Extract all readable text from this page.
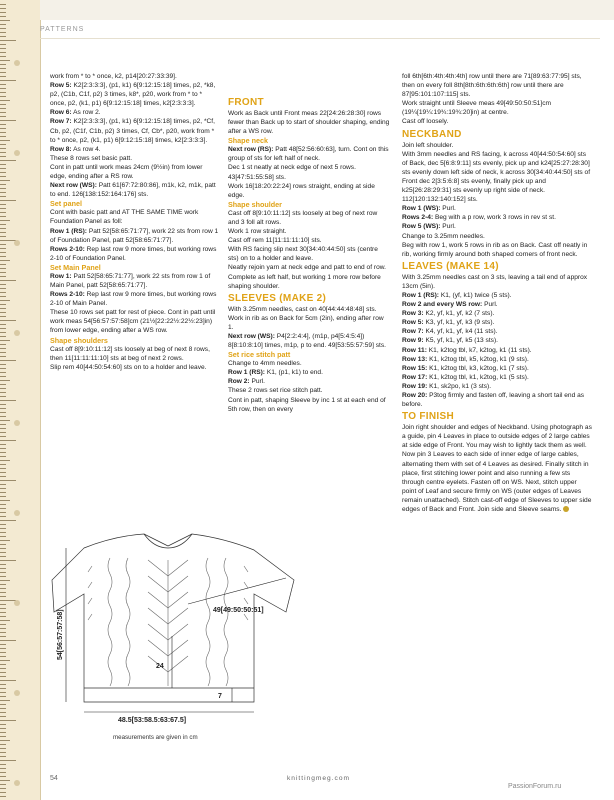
PATTERNS

work from * to * once, k2, p14[20:27:33:39].

Row 5: K2[2:3:3:3], (p1, k1) 6[9:12:15:18] times, p2, *k8, p2, (C1b, C1f, p2) 3 times, k8*, p20, work from * to * once, p2, (k1, p1) 6[9:12:15:18] times, k2[2:3:3:3].

Row 6: As row 2.

Row 7: K2[2:3:3:3], (p1, k1) 6[9:12:15:18] times, p2, *Cf, Cb, p2, (C1f, C1b, p2) 3 times, Cf, Cb*, p20, work from * to * once, p2, (k1, p1) 6[9:12:15:18] times, k2[2:3:3:3].

Row 8: As row 4.

These 8 rows set basic patt.

Cont in patt until work meas 24cm (9½in) from lower edge, ending after a RS row.

Next row (WS): Patt 61[67:72:80:86], m1k, k2, m1k, patt to end. 126[138:152:164:176] sts.

Set panel

Cont with basic patt and AT THE SAME TIME work Foundation Panel as foll:

Row 1 (RS): Patt 52[58:65:71:77], work 22 sts from row 1 of Foundation Panel, patt 52[58:65:71:77].

Rows 2-10: Rep last row 9 more times, but working rows 2-10 of Foundation Panel.

Set Main Panel

Row 1: Patt 52[58:65:71:77], work 22 sts from row 1 of Main Panel, patt 52[58:65:71:77].

Rows 2-10: Rep last row 9 more times, but working rows 2-10 of Main Panel.

These 10 rows set patt for rest of piece. Cont in patt until work meas 54[56:57:57:58]cm (21½[22:22½:22½:23]in) from lower edge, ending after a WS row.

Shape shoulders

Cast off 8[9:10:11:12] sts loosely at beg of next 8 rows, then 11[11:11:11:10] sts at beg of next 2 rows.

Slip rem 40[44:50:54:60] sts on to a holder and leave.

FRONT

Work as Back until Front meas 22[24:26:28:30] rows fewer than Back up to start of shoulder shaping, ending after a WS row.

Shape neck

Next row (RS): Patt 48[52:56:60:63], turn. Cont on this group of sts for left half of neck.

Dec 1 st neatly at neck edge of next 5 rows. 43[47:51:55:58] sts.

Work 16[18:20:22:24] rows straight, ending at side edge.

Shape shoulder

Cast off 8[9:10:11:12] sts loosely at beg of next row and 3 foll alt rows.

Work 1 row straight.

Cast off rem 11[11:11:11:10] sts.

With RS facing slip next 30[34:40:44:50] sts (centre sts) on to a holder and leave.

Neatly rejoin yarn at neck edge and patt to end of row.

Complete as left half, but working 1 more row before shaping shoulder.

SLEEVES (MAKE 2)

With 3.25mm needles, cast on 40[44:44:48:48] sts.

Work in rib as on Back for 5cm (2in), ending after row 1.

Next row (WS): P4[2:2:4:4], (m1p, p4[5:4:5:4]) 8[8:10:8:10] times, m1p, p to end. 49[53:55:57:59] sts.

Set rice stitch patt

Change to 4mm needles.

Row 1 (RS): K1, (p1, k1) to end.

Row 2: Purl.

These 2 rows set rice stitch patt.

Cont in patt, shaping Sleeve by inc 1 st at each end of 5th row, then on every

foll 6th[6th:4th:4th:4th] row until there are 71[89:63:77:95] sts, then on every foll 8th[8th:6th:6th:6th] row until there are 87[95:101:107:115] sts.

Work straight until Sleeve meas 49[49:50:50:51]cm (19¼[19¼:19¾:19¾:20]in) at centre.

Cast off loosely.

NECKBAND

Join left shoulder.

With 3mm needles and RS facing, k across 40[44:50:54:60] sts of Back, dec 5[6:8:9:11] sts evenly, pick up and k24[25:27:28:30] sts evenly down left side of neck, k across 30[34:40:44:50] sts of Front dec 2[3:5:6:8] sts evenly, finally pick up and k25[26:28:29:31] sts evenly up right side of neck. 112[120:132:140:152] sts.

Row 1 (WS): Purl.

Rows 2-4: Beg with a p row, work 3 rows in rev st st.

Row 5 (WS): Purl.

Change to 3.25mm needles.

Beg with row 1, work 5 rows in rib as on Back. Cast off neatly in rib, working firmly around both shaped corners of front neck.

LEAVES (MAKE 14)

With 3.25mm needles cast on 3 sts, leaving a tail end of approx 13cm (5in).

Row 1 (RS): K1, (yf, k1) twice (5 sts).

Row 2 and every WS row: Purl.

Row 3: K2, yf, k1, yf, k2 (7 sts).

Row 5: K3, yf, k1, yf, k3 (9 sts).

Row 7: K4, yf, k1, yf, k4 (11 sts).

Row 9: K5, yf, k1, yf, k5 (13 sts).

Row 11: K1, k2tog tbl, k7, k2tog, k1 (11 sts).

Row 13: K1, k2tog tbl, k5, k2tog, k1 (9 sts).

Row 15: K1, k2tog tbl, k3, k2tog, k1 (7 sts).

Row 17: K1, k2tog tbl, k1, k2tog, k1 (5 sts).

Row 19: K1, sk2po, k1 (3 sts).

Row 20: P3tog firmly and fasten off, leaving a short tail end as before.

TO FINISH

Join right shoulder and edges of Neckband. Using photograph as a guide, pin 4 Leaves in place to outside edges of 2 large cables at side edge of Front. You may wish to lightly tack them as well. Now pin 3 Leaves to each side of inner edge of large cables, alternating them with set of 4 Leaves as desired. Finally stitch in place, first stitching lower point and also running a few sts through centre eyelets. Fasten off on WS. Next, stitch upper point of Leaf and secure firmly on WS (outer edges of Leaves remain unattached). Stitch cast-off edge of Sleeves to upper side edges of Back and Front. Join side and Sleeve seams.

54[56:57:57:58]	49[49:50:50:51]
24
7
48.5[53:58.5:63:67.5]
measurements are given in cm
54	knittingmeg.com
PassionForum.ru
